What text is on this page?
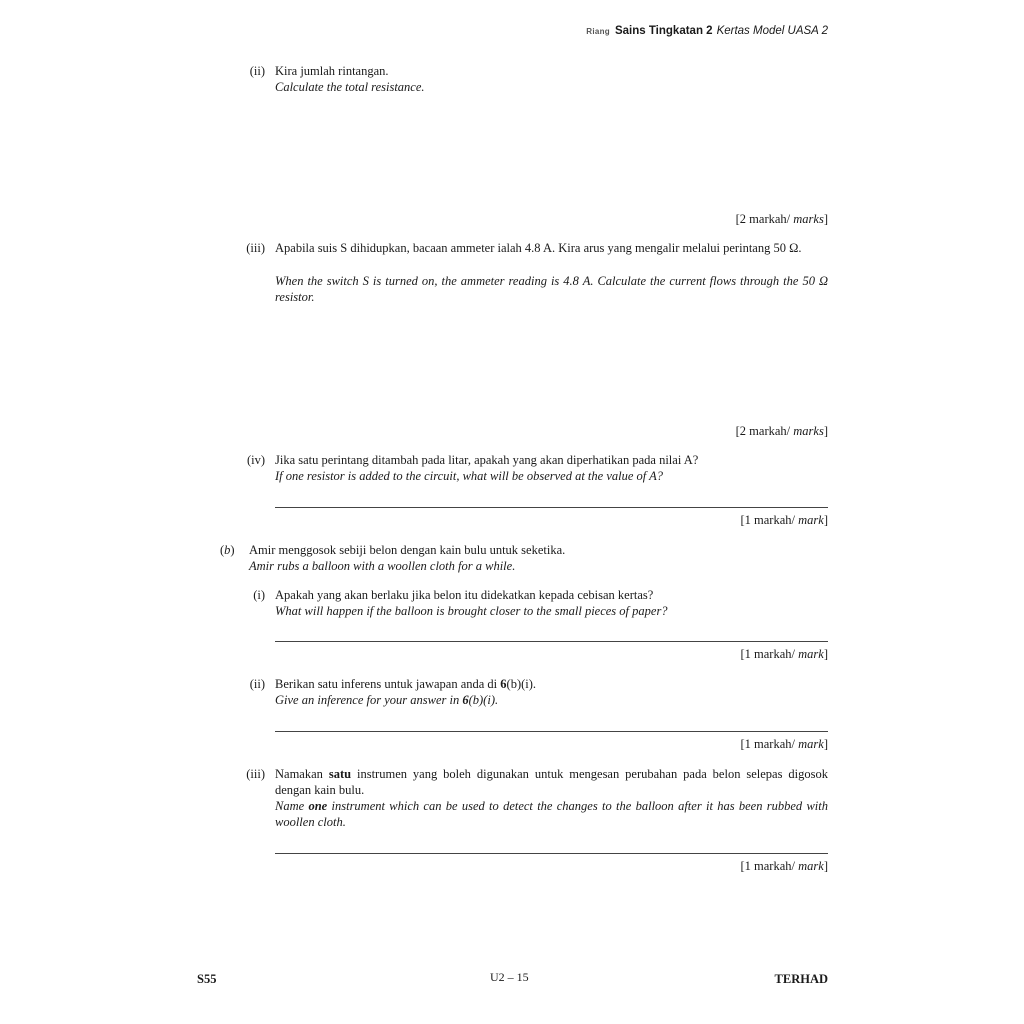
Riang Sains Tingkatan 2 Kertas Model UASA 2
(ii) Kira jumlah rintangan.
Calculate the total resistance.
[2 markah/ marks]
(iii) Apabila suis S dihidupkan, bacaan ammeter ialah 4.8 A. Kira arus yang mengalir melalui perintang 50 Ω.
When the switch S is turned on, the ammeter reading is 4.8 A. Calculate the current flows through the 50 Ω resistor.
[2 markah/ marks]
(iv) Jika satu perintang ditambah pada litar, apakah yang akan diperhatikan pada nilai A?
If one resistor is added to the circuit, what will be observed at the value of A?
[1 markah/ mark]
(b) Amir menggosok sebiji belon dengan kain bulu untuk seketika.
Amir rubs a balloon with a woollen cloth for a while.
(i) Apakah yang akan berlaku jika belon itu didekatkan kepada cebisan kertas?
What will happen if the balloon is brought closer to the small pieces of paper?
[1 markah/ mark]
(ii) Berikan satu inferens untuk jawapan anda di 6(b)(i).
Give an inference for your answer in 6(b)(i).
[1 markah/ mark]
(iii) Namakan satu instrumen yang boleh digunakan untuk mengesan perubahan pada belon selepas digosok dengan kain bulu.
Name one instrument which can be used to detect the changes to the balloon after it has been rubbed with woollen cloth.
[1 markah/ mark]
S55	U2 – 15	TERHAD
